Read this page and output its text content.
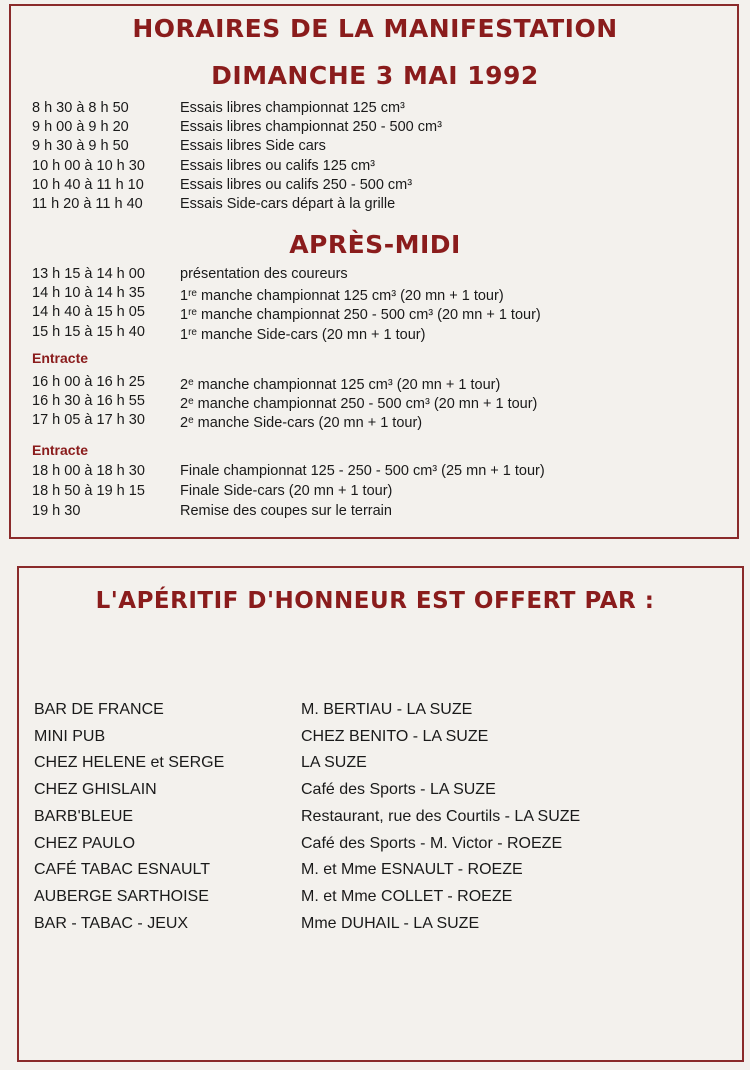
HORAIRES DE LA MANIFESTATION
DIMANCHE 3 MAI 1992
8 h 30 à 8 h 50	Essais libres championnat 125 cm³
9 h 00 à 9 h 20	Essais libres championnat 250 - 500 cm³
9 h 30 à 9 h 50	Essais libres Side cars
10 h 00 à 10 h 30 Essais libres ou califs 125 cm³
10 h 40 à 11 h 10 Essais libres ou califs 250 - 500 cm³
11 h 20 à 11 h 40	Essais Side-cars départ à la grille
APRÈS-MIDI
13 h 15 à 14 h 00 présentation des coureurs
14 h 10 à 14 h 35 1re manche championnat 125 cm³ (20 mn + 1 tour)
14 h 40 à 15 h 05 1re manche championnat 250 - 500 cm³ (20 mn + 1 tour)
15 h 15 à 15 h 40 1re manche Side-cars (20 mn + 1 tour)
Entracte
16 h 00 à 16 h 25 2e manche championnat 125 cm³ (20 mn + 1 tour)
16 h 30 à 16 h 55 2e manche championnat 250 - 500 cm³ (20 mn + 1 tour)
17 h 05 à 17 h 30 2e manche Side-cars (20 mn + 1 tour)
Entracte
18 h 00 à 18 h 30 Finale championnat 125 - 250 - 500 cm³ (25 mn + 1 tour)
18 h 50 à 19 h 15 Finale Side-cars (20 mn + 1 tour)
19 h 30	Remise des coupes sur le terrain
L'APÉRITIF D'HONNEUR EST OFFERT PAR :
BAR DE FRANCE	M. BERTIAU - LA SUZE
MINI PUB	CHEZ BENITO - LA SUZE
CHEZ HELENE et SERGE	LA SUZE
CHEZ GHISLAIN	Café des Sports - LA SUZE
BARB'BLEUE	Restaurant, rue des Courtils - LA SUZE
CHEZ PAULO	Café des Sports - M. Victor - ROEZE
CAFÉ TABAC ESNAULT	M. et Mme ESNAULT - ROEZE
AUBERGE SARTHOISE	M. et Mme COLLET - ROEZE
BAR - TABAC - JEUX	Mme DUHAIL - LA SUZE
